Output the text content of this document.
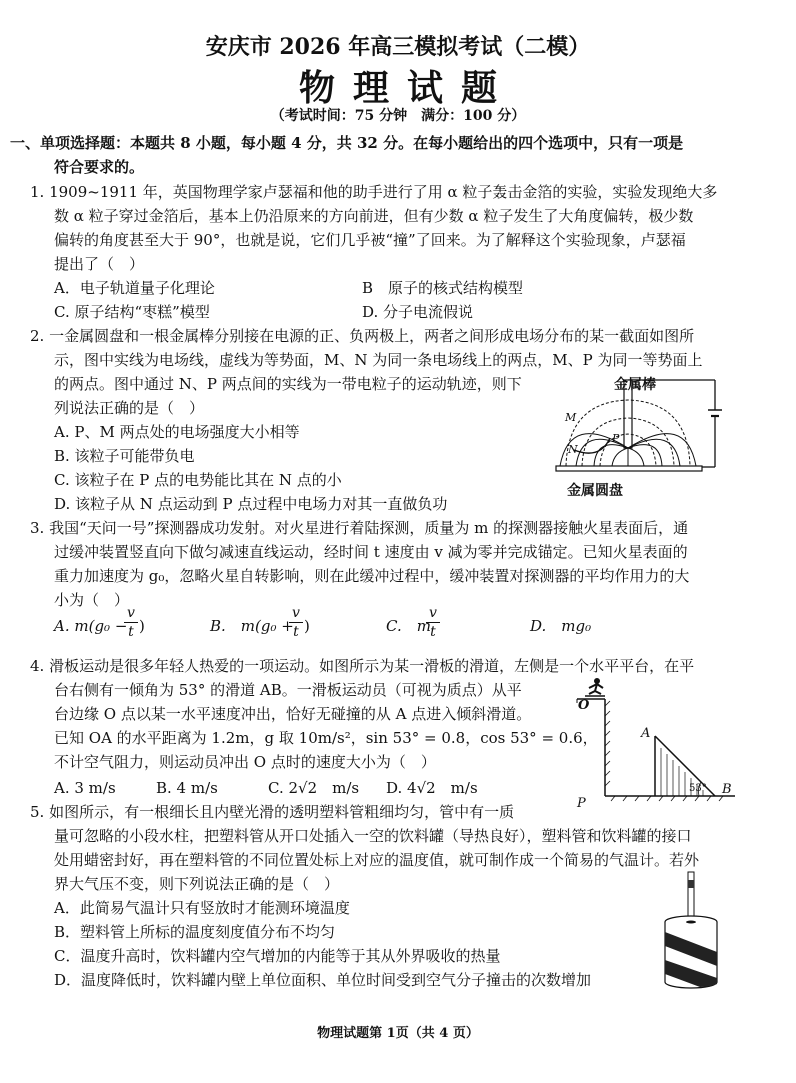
安庆市 2026 年高三模拟考试（二模）
物理试题
（考试时间：75 分钟　满分：100 分）
一、单项选择题：本题共 8 小题，每小题 4 分，共 32 分。在每小题给出的四个选项中，只有一项是
符合要求的。
1. 1909~1911 年，英国物理学家卢瑟福和他的助手进行了用 α 粒子轰击金箔的实验，实验发现绝大多
数 α 粒子穿过金箔后，基本上仍沿原来的方向前进，但有少数 α 粒子发生了大角度偏转，极少数
偏转的角度甚至大于 90°，也就是说，它们几乎被“撞”了回来。为了解释这个实验现象，卢瑟福
提出了（　）
A．电子轨道量子化理论	B　原子的核式结构模型
C. 原子结构“枣糕”模型	D. 分子电流假说
2. 一金属圆盘和一根金属棒分别接在电源的正、负两极上，两者之间形成电场分布的某一截面如图所
示，图中实线为电场线，虚线为等势面，M、N 为同一条电场线上的两点，M、P 为同一等势面上
的两点。图中通过 N、P 两点间的实线为一带电粒子的运动轨迹，则下
列说法正确的是（　）
A. P、M 两点处的电场强度大小相等
B. 该粒子可能带负电
C. 该粒子在 P 点的电势能比其在 N 点的小
D. 该粒子从 N 点运动到 P 点过程中电场力对其一直做负功
金属棒
金属圆盘
M
N
P
3. 我国“天问一号”探测器成功发射。对火星进行着陆探测，质量为 m 的探测器接触火星表面后，通
过缓冲装置竖直向下做匀减速直线运动，经时间 t 速度由 v 减为零并完成锚定。已知火星表面的
重力加速度为 g₀，忽略火星自转影响，则在此缓冲过程中，缓冲装置对探测器的平均作用力的大
小为（　）
A. m(g₀ −
$\frac{v}{t}$ )	B.　m(g₀ +
$\frac{v}{t}$ )	C.　m
$\frac{v}{t}$	D.　mg₀
4. 滑板运动是很多年轻人热爱的一项运动。如图所示为某一滑板的滑道，左侧是一个水平平台，在平
台右侧有一倾角为 53° 的滑道 AB。一滑板运动员（可视为质点）从平
台边缘 O 点以某一水平速度冲出，恰好无碰撞的从 A 点进入倾斜滑道。
已知 OA 的水平距离为 1.2m，g 取 10m/s²，sin 53° = 0.8，cos 53° = 0.6，
不计空气阻力，则运动员冲出 O 点时的速度大小为（　）
A. 3 m/s	B. 4 m/s	C. 2√2　m/s D. 4√2　m/s
O
A
B
P
53°
5. 如图所示，有一根细长且内壁光滑的透明塑料管粗细均匀，管中有一质
量可忽略的小段水柱，把塑料管从开口处插入一空的饮料罐（导热良好），塑料管和饮料罐的接口
处用蜡密封好，再在塑料管的不同位置处标上对应的温度值，就可制作成一个简易的气温计。若外
界大气压不变，则下列说法正确的是（　）
A．此简易气温计只有竖放时才能测环境温度
B．塑料管上所标的温度刻度值分布不均匀
C．温度升高时，饮料罐内空气增加的内能等于其从外界吸收的热量
D．温度降低时，饮料罐内壁上单位面积、单位时间受到空气分子撞击的次数增加
物理试题第 1页（共 4 页）
